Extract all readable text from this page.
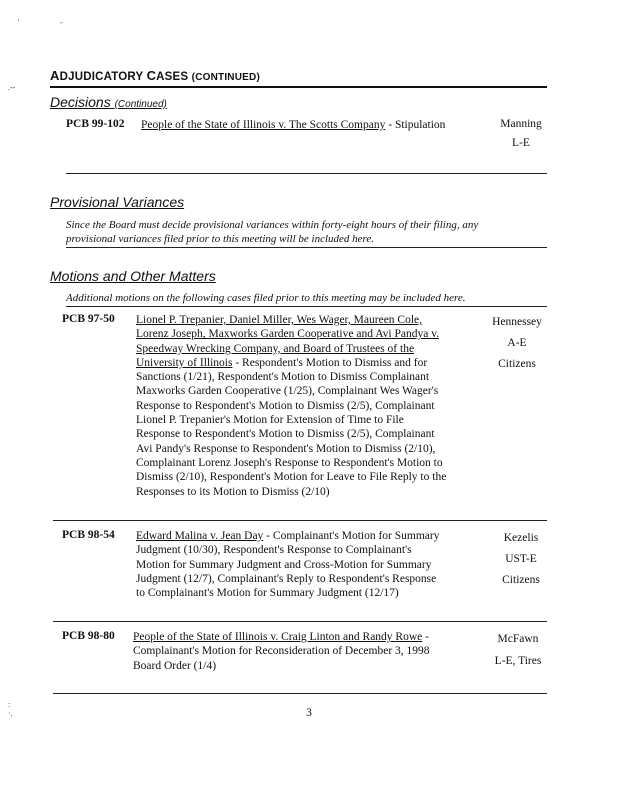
'	-
.--
:
·.
ADJUDICATORY CASES (CONTINUED)
Decisions (Continued)
PCB 99-102 People of the State of Illinois v. The Scotts Company - Stipulation	Manning
L-E
Provisional Variances
Since the Board must decide provisional variances within forty-eight hours of their filing, any
provisional variances filed prior to this meeting will be included here.
Motions and Other Matters
Additional motions on the following cases filed prior to this meeting may be included here.
PCB 97-50 Lionel P. Trepanier, Daniel Miller, Wes Wager, Maureen Cole,
Lorenz Joseph, Maxworks Garden Cooperative and Avi Pandya v.
Speedway Wrecking Company, and Board of Trustees of the
University of Illinois - Respondent's Motion to Dismiss and for
Sanctions (1/21), Respondent's Motion to Dismiss Complainant
Maxworks Garden Cooperative (1/25), Complainant Wes Wager's
Response to Respondent's Motion to Dismiss (2/5), Complainant
Lionel P. Trepanier's Motion for Extension of Time to File
Response to Respondent's Motion to Dismiss (2/5), Complainant
Avi Pandy's Response to Respondent's Motion to Dismiss (2/10),
Complainant Lorenz Joseph's Response to Respondent's Motion to
Dismiss (2/10), Respondent's Motion for Leave to File Reply to the
Responses to its Motion to Dismiss (2/10)
Hennessey
A-E
Citizens
PCB 98-54 Edward Malina v. Jean Day - Complainant's Motion for Summary
Judgment (10/30), Respondent's Response to Complainant's
Motion for Summary Judgment and Cross-Motion for Summary
Judgment (12/7), Complainant's Reply to Respondent's Response
to Complainant's Motion for Summary Judgment (12/17)
Kezelis
UST-E
Citizens
PCB 98-80 People of the State of Illinois v. Craig Linton and Randy Rowe -
Complainant's Motion for Reconsideration of December 3, 1998
Board Order (1/4)
McFawn
L-E, Tires
3
